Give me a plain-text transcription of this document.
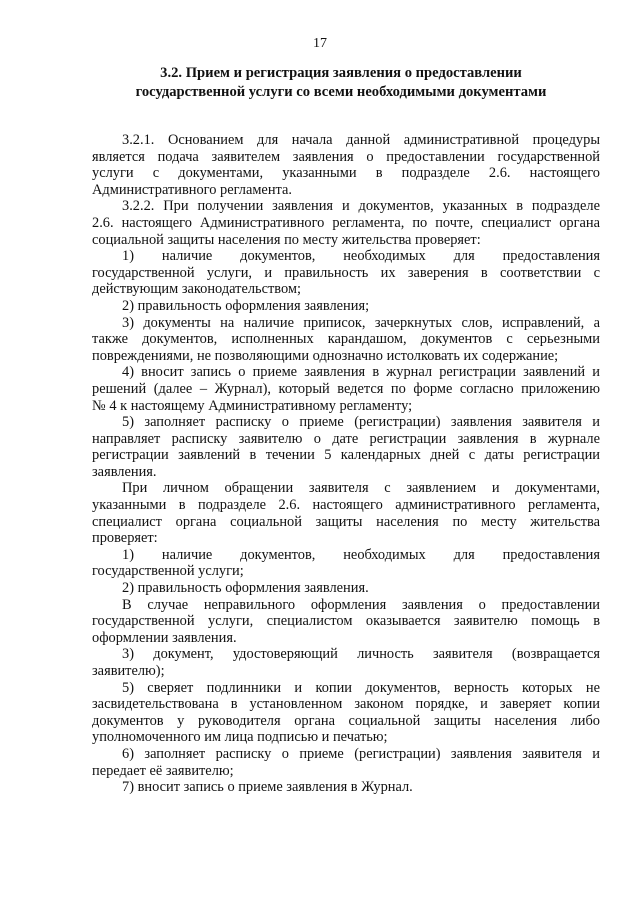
17
3.2. Прием и регистрация заявления о предоставлении
государственной услуги со всеми необходимыми документами
3.2.1. Основанием для начала данной административной процедуры
является подача заявителем заявления о предоставлении государственной
услуги с документами, указанными в подразделе 2.6. настоящего
Административного регламента.
3.2.2. При получении заявления и документов, указанных в подразделе
2.6. настоящего Административного регламента, по почте, специалист органа
социальной защиты населения по месту жительства проверяет:
1) наличие документов, необходимых для предоставления
государственной услуги, и правильность их заверения в соответствии с
действующим законодательством;
2) правильность оформления заявления;
3) документы на наличие приписок, зачеркнутых слов, исправлений, а
также документов, исполненных карандашом, документов с серьезными
повреждениями, не позволяющими однозначно истолковать их содержание;
4) вносит запись о приеме заявления в журнал регистрации заявлений и
решений (далее – Журнал), который ведется по форме согласно приложению
№ 4 к настоящему Административному регламенту;
5) заполняет расписку о приеме (регистрации) заявления заявителя и
направляет расписку заявителю о дате регистрации заявления в журнале
регистрации заявлений в течении 5 календарных дней с даты регистрации
заявления.
При личном обращении заявителя с заявлением и документами,
указанными в подразделе 2.6. настоящего административного регламента,
специалист органа социальной защиты населения по месту жительства
проверяет:
1) наличие документов, необходимых для предоставления
государственной услуги;
2) правильность оформления заявления.
В случае неправильного оформления заявления о предоставлении
государственной услуги, специалистом оказывается заявителю помощь в
оформлении заявления.
3) документ, удостоверяющий личность заявителя (возвращается
заявителю);
5) сверяет подлинники и копии документов, верность которых не
засвидетельствована в установленном законом порядке, и заверяет копии
документов у руководителя органа социальной защиты населения либо
уполномоченного им лица подписью и печатью;
6) заполняет расписку о приеме (регистрации) заявления заявителя и
передает её заявителю;
7) вносит запись о приеме заявления в Журнал.
